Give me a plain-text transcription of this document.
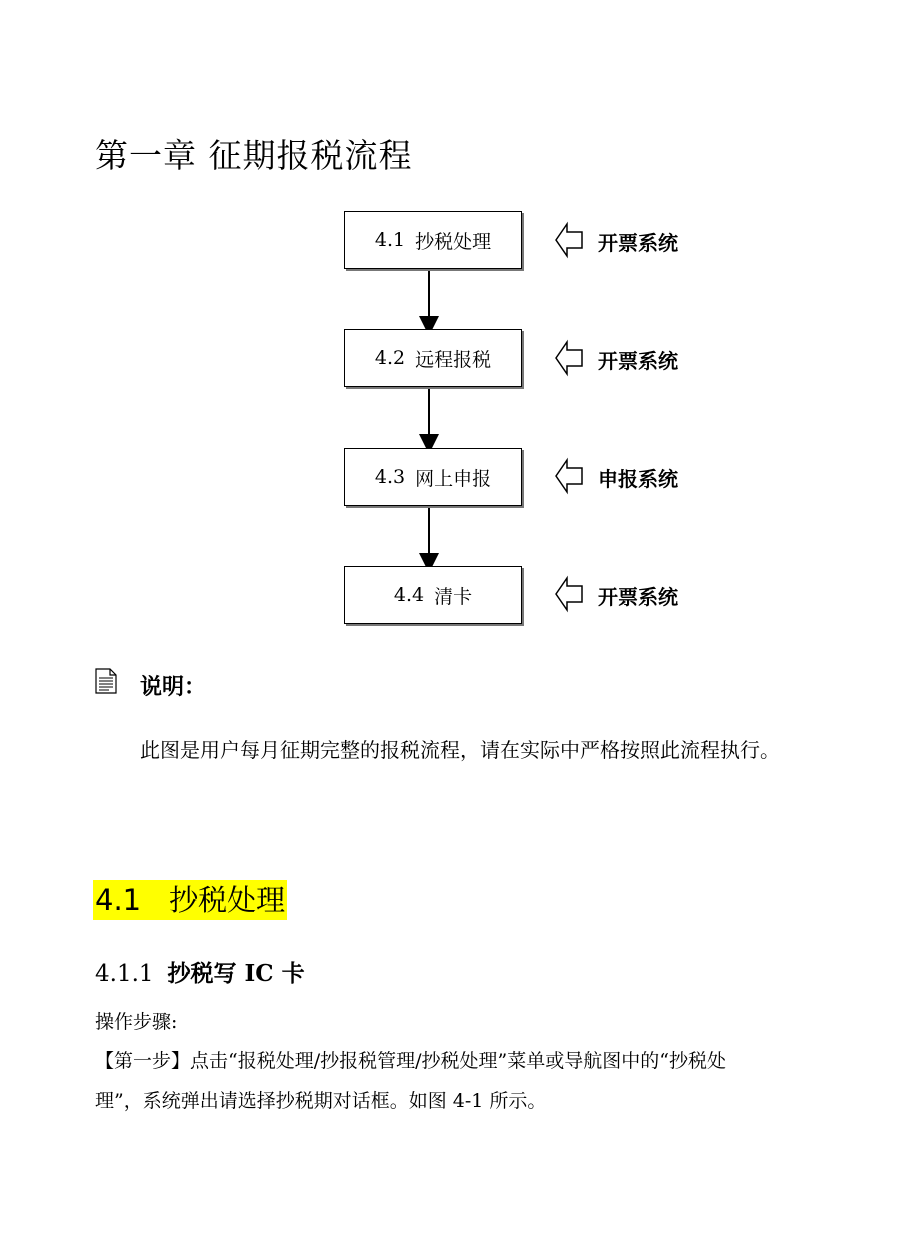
第一章 征期报税流程
4.1 抄税处理	开票系统
4.2 远程报税	开票系统
4.3 网上申报	申报系统
4.4 清卡	开票系统
说明：
此图是用户每月征期完整的报税流程，请在实际中严格按照此流程执行。
4.1 抄税处理
4.1.1 抄税写 IC 卡
操作步骤:
【第一步】点击“报税处理/抄报税管理/抄税处理”菜单或导航图中的“抄税处
理”，系统弹出请选择抄税期对话框。如图 4-1 所示。
